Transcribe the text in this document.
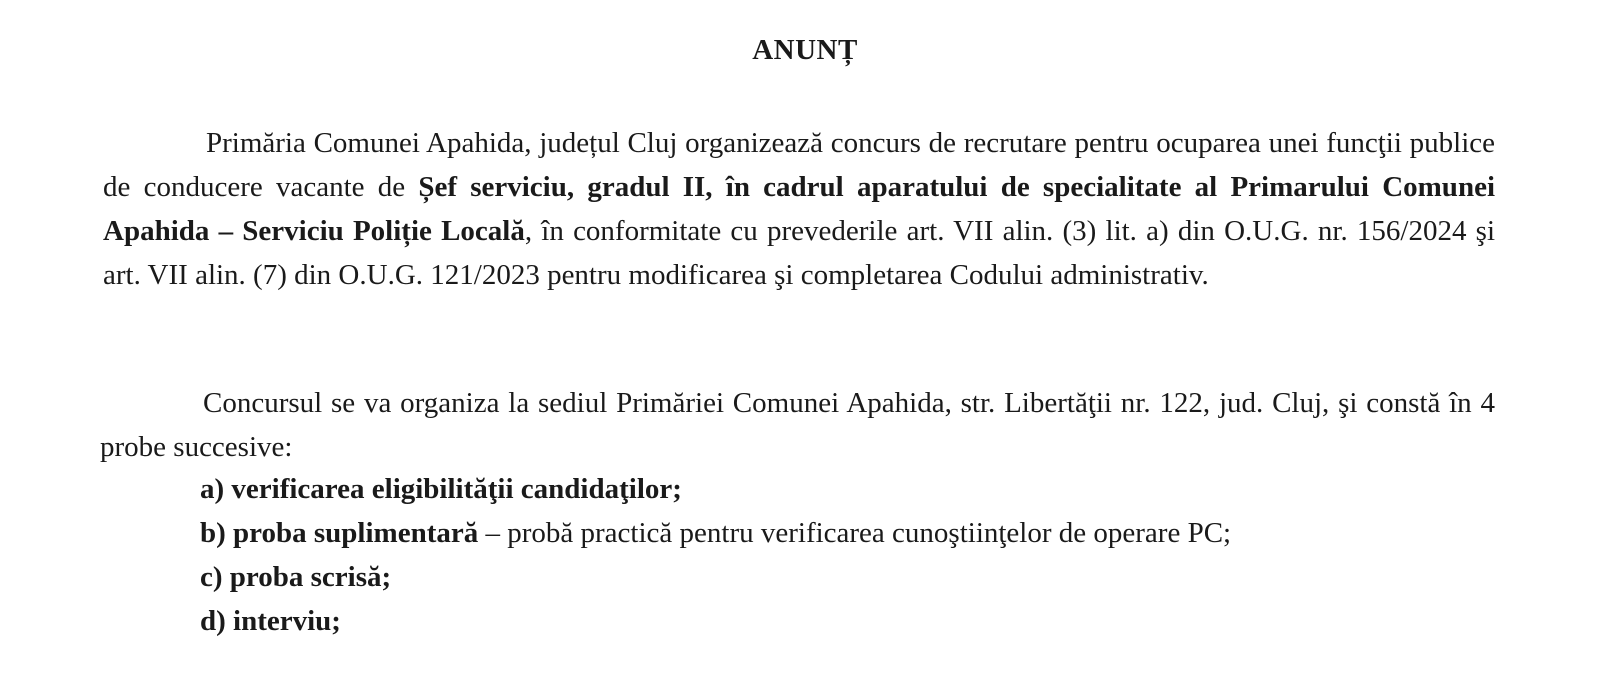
ANUNȚ

Primăria Comunei Apahida, județul Cluj organizează concurs de recrutare pentru ocuparea unei funcţii publice de conducere vacante de Șef serviciu, gradul II, în cadrul aparatului de specialitate al Primarului Comunei Apahida – Serviciu Poliție Locală, în conformitate cu prevederile art. VII alin. (3) lit. a) din O.U.G. nr. 156/2024 şi art. VII alin. (7) din O.U.G. 121/2023 pentru modificarea şi completarea Codului administrativ.

Concursul se va organiza la sediul Primăriei Comunei Apahida, str. Libertăţii nr. 122, jud. Cluj, şi constă în 4 probe succesive:

a) verificarea eligibilităţii candidaţilor;
b) proba suplimentară – probă practică pentru verificarea cunoştiinţelor de operare PC;
c) proba scrisă;
d) interviu;
